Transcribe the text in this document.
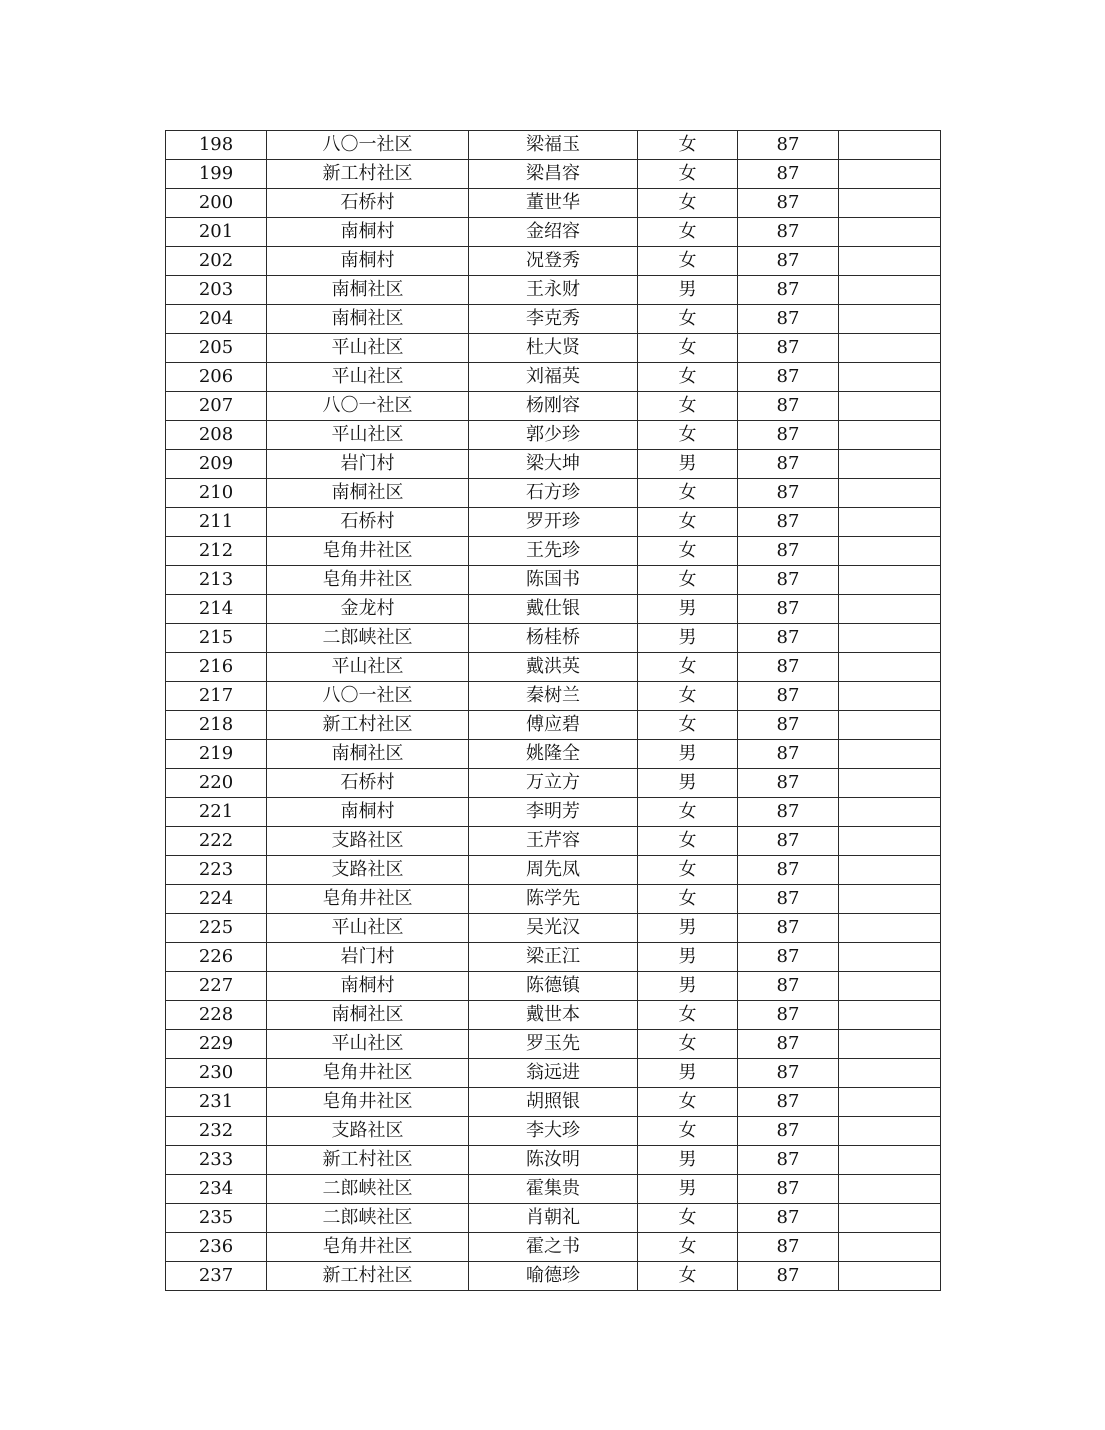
198	八〇一社区	梁福玉	女	87	
199	新工村社区	梁昌容	女	87	
200	石桥村	董世华	女	87	
201	南桐村	金绍容	女	87	
202	南桐村	况登秀	女	87	
203	南桐社区	王永财	男	87	
204	南桐社区	李克秀	女	87	
205	平山社区	杜大贤	女	87	
206	平山社区	刘福英	女	87	
207	八〇一社区	杨刚容	女	87	
208	平山社区	郭少珍	女	87	
209	岩门村	梁大坤	男	87	
210	南桐社区	石方珍	女	87	
211	石桥村	罗开珍	女	87	
212	皂角井社区	王先珍	女	87	
213	皂角井社区	陈国书	女	87	
214	金龙村	戴仕银	男	87	
215	二郎峡社区	杨桂桥	男	87	
216	平山社区	戴洪英	女	87	
217	八〇一社区	秦树兰	女	87	
218	新工村社区	傅应碧	女	87	
219	南桐社区	姚隆全	男	87	
220	石桥村	万立方	男	87	
221	南桐村	李明芳	女	87	
222	支路社区	王芹容	女	87	
223	支路社区	周先凤	女	87	
224	皂角井社区	陈学先	女	87	
225	平山社区	吴光汉	男	87	
226	岩门村	梁正江	男	87	
227	南桐村	陈德镇	男	87	
228	南桐社区	戴世本	女	87	
229	平山社区	罗玉先	女	87	
230	皂角井社区	翁远进	男	87	
231	皂角井社区	胡照银	女	87	
232	支路社区	李大珍	女	87	
233	新工村社区	陈汝明	男	87	
234	二郎峡社区	霍集贵	男	87	
235	二郎峡社区	肖朝礼	女	87	
236	皂角井社区	霍之书	女	87	
237	新工村社区	喻德珍	女	87	
